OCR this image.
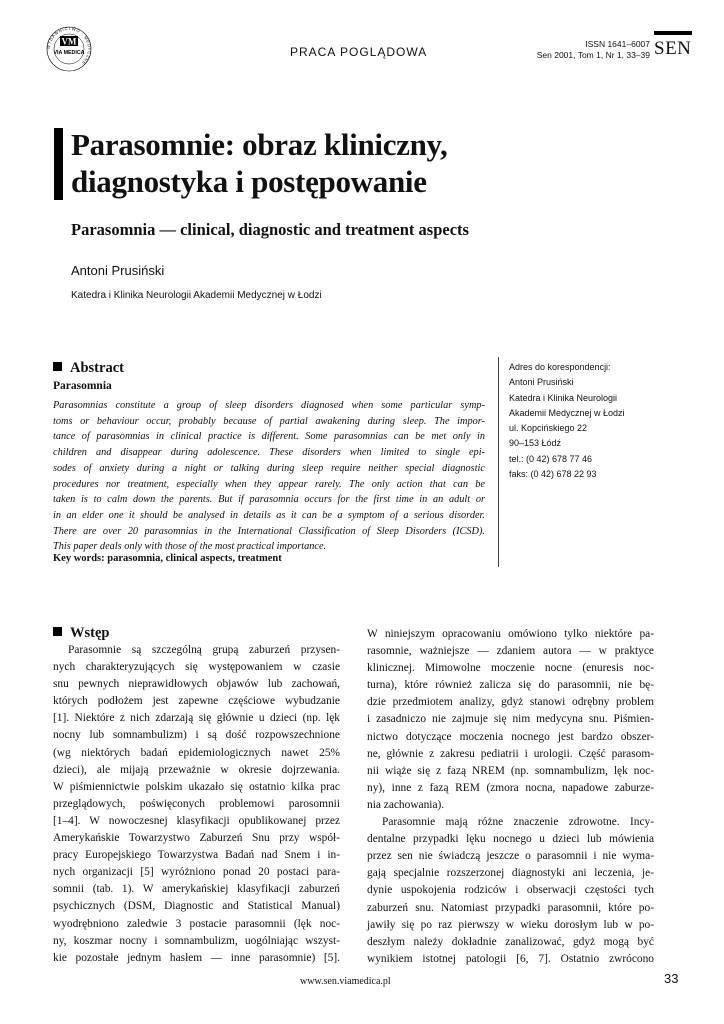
WYDAWNICTWO · MEDYCZNE ·
VM
VIA MEDICA	PRACA POGLĄDOWA
ISSN 1641–6007
Sen 2001, Tom 1, Nr 1, 33–39 SEN
Parasomnie: obraz kliniczny,
diagnostyka i postępowanie
Parasomnia — clinical, diagnostic and treatment aspects
Antoni Prusiński
Katedra i Klinika Neurologii Akademii Medycznej w Łodzi
Abstract
Parasomnia
Parasomnias constitute a group of sleep disorders diagnosed when some particular symp-
toms or behaviour occur, probably because of partial awakening during sleep. The impor-
tance of parasomnias in clinical practice is different. Some parasomnias can be met only in
children and disappear during adolescence. These disorders when limited to single epi-
sodes of anxiety during a night or talking during sleep require neither special diagnostic
procedures nor treatment, especially when they appear rarely. The only action that can be
taken is to calm down the parents. But if parasomnia occurs for the first time in an adult or
in an elder one it should be analysed in details as it can be a symptom of a serious disorder.
There are over 20 parasomnias in the International Classification of Sleep Disorders (ICSD).
This paper deals only with those of the most practical importance.
Key words: parasomnia, clinical aspects, treatment
Adres do korespondencji:
Antoni Prusiński
Katedra i Klinika Neurologii
Akademii Medycznej w Łodzi
ul. Kopcińskiego 22
90–153 Łódź
tel.: (0 42) 678 77 46
faks: (0 42) 678 22 93
Wstęp
Parasomnie są szczególną grupą zaburzeń przysen-
nych charakteryzujących się występowaniem w czasie
snu pewnych nieprawidłowych objawów lub zachowań,
których podłożem jest zapewne częściowe wybudzanie
[1]. Niektóre z nich zdarzają się głównie u dzieci (np. lęk
nocny lub somnambulizm) i są dość rozpowszechnione
(wg niektórych badań epidemiologicznych nawet 25%
dzieci), ale mijają przeważnie w okresie dojrzewania.
W piśmiennictwie polskim ukazało się ostatnio kilka prac
przeglądowych, poświęconych problemowi parosomnii
[1–4]. W nowoczesnej klasyfikacji opublikowanej przez
Amerykańskie Towarzystwo Zaburzeń Snu przy współ-
pracy Europejskiego Towarzystwa Badań nad Snem i in-
nych organizacji [5] wyróżniono ponad 20 postaci para-
somnii (tab. 1). W amerykańskiej klasyfikacji zaburzeń
psychicznych (DSM, Diagnostic and Statistical Manual)
wyodrębniono zaledwie 3 postacie parasomnii (lęk noc-
ny, koszmar nocny i somnambulizm, uogólniając wszyst-
kie pozostałe jednym hasłem — inne parasomnie) [5].
W niniejszym opracowaniu omówiono tylko niektóre pa-
rasomnie, ważniejsze — zdaniem autora — w praktyce
klinicznej. Mimowolne moczenie nocne (enuresis noc-
turna), które również zalicza się do parasomnii, nie bę-
dzie przedmiotem analizy, gdyż stanowi odrębny problem
i zasadniczo nie zajmuje się nim medycyna snu. Piśmien-
nictwo dotyczące moczenia nocnego jest bardzo obszer-
ne, głównie z zakresu pediatrii i urologii. Część parasom-
nii wiąże się z fazą NREM (np. somnambulizm, lęk noc-
ny), inne z fazą REM (zmora nocna, napadowe zaburze-
nia zachowania).
Parasomnie mają różne znaczenie zdrowotne. Incy-
dentalne przypadki lęku nocnego u dzieci lub mówienia
przez sen nie świadczą jeszcze o parasomnii i nie wyma-
gają specjalnie rozszerzonej diagnostyki ani leczenia, je-
dynie uspokojenia rodziców i obserwacji częstości tych
zaburzeń snu. Natomiast przypadki parasomnii, które po-
jawiły się po raz pierwszy w wieku dorosłym lub w po-
deszłym należy dokładnie zanalizować, gdyż mogą być
wynikiem istotnej patologii [6, 7]. Ostatnio zwrócono
www.sen.viamedica.pl	33
